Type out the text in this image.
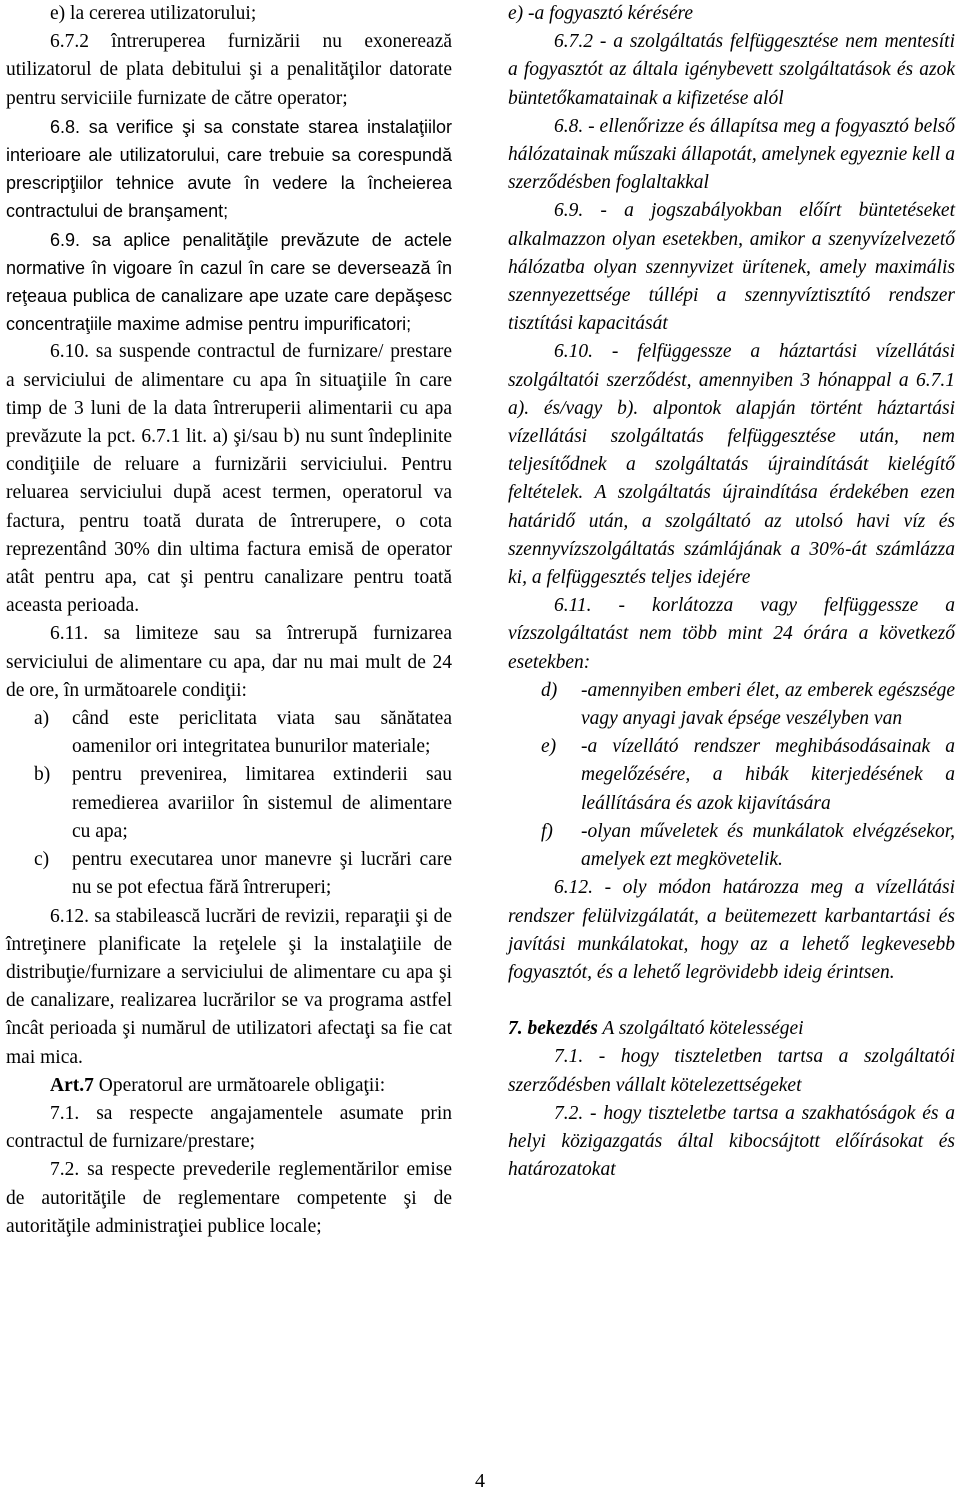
e) la cererea utilizatorului;

6.7.2 întreruperea furnizării nu exonerează utilizatorul de plata debitului şi a penalităţilor datorate pentru serviciile furnizate de către operator;

6.8. sa verifice şi sa constate starea instalaţiilor interioare ale utilizatorului, care trebuie sa corespundă prescripţiilor tehnice avute în vedere la încheierea contractului de branşament;

6.9. sa aplice penalităţile prevăzute de actele normative în vigoare în cazul în care se deversează în reţeaua publica de canalizare ape uzate care depăşesc concentraţiile maxime admise pentru impurificatori;

6.10. sa suspende contractul de furnizare/ prestare a serviciului de alimentare cu apa în situaţiile în care timp de 3 luni de la data întreruperii alimentarii cu apa prevăzute la pct. 6.7.1 lit. a) şi/sau b) nu sunt îndeplinite condiţiile de reluare a furnizării serviciului. Pentru reluarea serviciului după acest termen, operatorul va factura, pentru toată durata de întrerupere, o cota reprezentând 30% din ultima factura emisă de operator atât pentru apa, cat şi pentru canalizare pentru toată aceasta perioada.

6.11. sa limiteze sau sa întrerupă furnizarea serviciului de alimentare cu apa, dar nu mai mult de 24 de ore, în următoarele condiţii:

a)	când este periclitata viata sau sănătatea oamenilor ori integritatea bunurilor materiale;
b)	pentru prevenirea, limitarea extinderii sau remedierea avariilor în sistemul de alimentare cu apa;
c)	pentru executarea unor manevre şi lucrări care nu se pot efectua fără întreruperi;

6.12. sa stabilească lucrări de revizii, reparaţii şi de întreţinere planificate la reţelele şi la instalaţiile de distribuţie/furnizare a serviciului de alimentare cu apa şi de canalizare, realizarea lucrărilor se va programa astfel încât perioada şi numărul de utilizatori afectaţi sa fie cat mai mica.

Art.7 Operatorul are următoarele obligaţii:

7.1. sa respecte angajamentele asumate prin contractul de furnizare/prestare;

7.2. sa respecte prevederile reglementărilor emise de autorităţile de reglementare competente şi de autorităţile administraţiei publice locale;

e) -a fogyasztó kérésére

6.7.2 - a szolgáltatás felfüggesztése nem mentesíti a fogyasztót az általa igénybevett szolgáltatások és azok büntetőkamatainak a kifizetése alól

6.8. - ellenőrizze és állapítsa meg a fogyasztó belső hálózatainak műszaki állapotát, amelynek egyeznie kell a szerződésben foglaltakkal

6.9. - a jogszabályokban előírt büntetéseket alkalmazzon olyan esetekben, amikor a szenyvízelvezető hálózatba olyan szennyvizet ürítenek, amely maximális szennyezettsége túllépi a szennyvíztisztító rendszer tisztítási kapacitását

6.10. - felfüggessze a háztartási vízellátási szolgáltatói szerződést, amennyiben 3 hónappal a 6.7.1 a). és/vagy b). alpontok alapján történt háztartási vízellátási szolgáltatás felfüggesztése után, nem teljesítődnek a szolgáltatás újraindítását kielégítő feltételek. A szolgáltatás újraindítása érdekében ezen határidő után, a szolgáltató az utolsó havi víz és szennyvízszolgáltatás számlájának a 30%-át számlázza ki, a felfüggesztés teljes idejére

6.11. - korlátozza vagy felfüggessze a vízszolgáltatást nem több mint 24 órára a következő esetekben:

d)	-amennyiben emberi élet, az emberek egészsége vagy anyagi javak épsége veszélyben van
e)	-a vízellátó rendszer meghibásodásainak a megelőzésére, a hibák kiterjedésének a leállítására és azok kijavítására
f)	-olyan műveletek és munkálatok elvégzésekor, amelyek ezt megkövetelik.

6.12. - oly módon határozza meg a vízellátási rendszer felülvizgálatát, a beütemezett karbantartási és javítási munkálatokat, hogy az a lehető legkevesebb fogyasztót, és a lehető legrövidebb ideig érintsen.

7. bekezdés A szolgáltató kötelességei

7.1. - hogy tiszteletben tartsa a szolgáltatói szerződésben vállalt kötelezettségeket

7.2. - hogy tiszteletbe tartsa a szakhatóságok és a helyi közigazgatás által kibocsájtott előírásokat és határozatokat

4
